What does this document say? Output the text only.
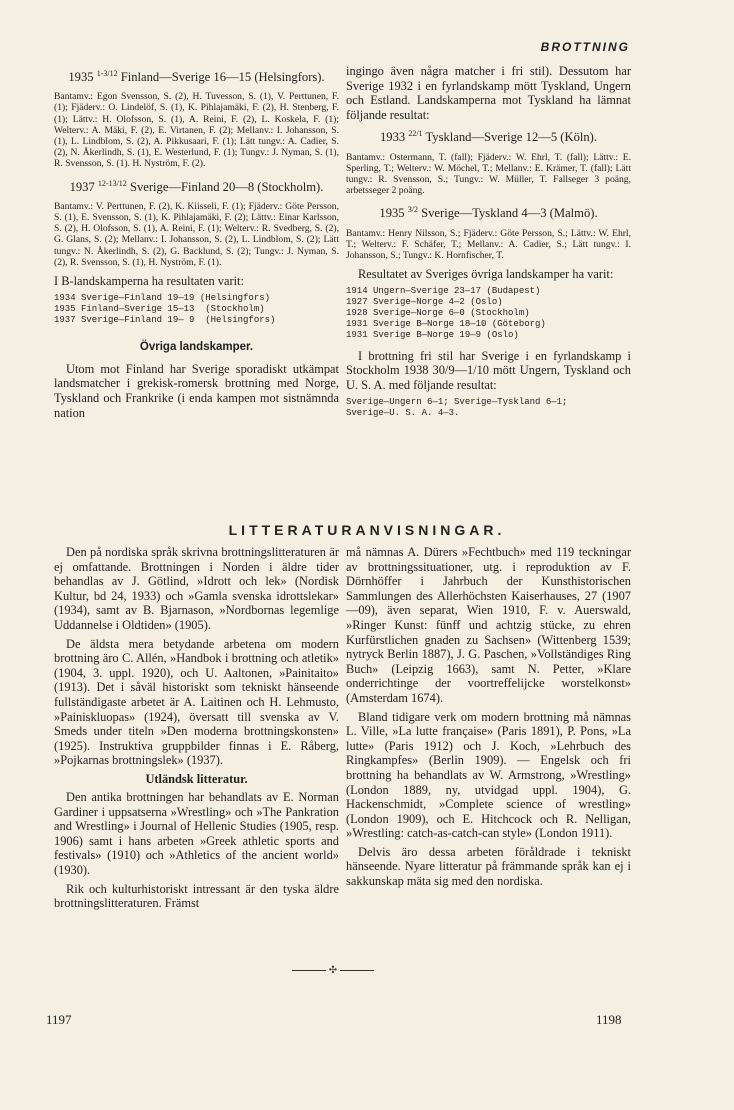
BROTTNING
1935 $^{1-3/12}$ Finland—Sverige 16—15 (Helsingfors).

Bantamv.: Egon Svensson, S. (2), H. Tuvesson, S. (1), V. Perttunen, F. (1); Fjäderv.: O. Lindelöf, S. (1), K. Pihlajamäki, F. (2), H. Stenberg, F. (1); Lättv.: H. Olofsson, S. (1), A. Reini, F. (2), L. Koskela, F. (1); Welterv.: A. Mäki, F. (2), E. Virtanen, F. (2); Mellanv.: I. Johansson, S. (1), L. Lindblom, S. (2), A. Pikkusaari, F. (1); Lätt tungv.: A. Cadier, S. (2), N. Åkerlindh, S. (1), E. Westerlund, F. (1); Tungv.: J. Nyman, S. (1), R. Svensson, S. (1). H. Nyström, F. (2).

1937 $^{12-13/12}$ Sverige—Finland 20—8 (Stockholm).

Bantamv.: V. Perttunen, F. (2), K. Kiisseli, F. (1); Fjäderv.: Göte Persson, S. (1), E. Svensson, S. (1), K. Pihlajamäki, F. (2); Lättv.: Einar Karlsson, S. (2), H. Olofsson, S. (1), A. Reini, F. (1); Welterv.: R. Svedberg, S. (2), G. Glans, S. (2); Mellanv.: I. Johansson, S. (2), L. Lindblom, S. (2); Lätt tungv.: N. Åkerlindh, S. (2), G. Backlund, S. (2); Tungv.: J. Nyman, S. (2), R. Svensson, S. (1), H. Nyström, F. (1).

I B-landskamperna ha resultaten varit:

1934 Sverige—Finland 19—19 (Helsingfors)
1935 Finland—Sverige 15—13  (Stockholm)
1937 Sverige—Finland 19— 9  (Helsingfors)
Övriga landskamper.

Utom mot Finland har Sverige sporadiskt utkämpat landsmatcher i grekisk-romersk brottning med Norge, Tyskland och Frankrike (i enda kampen mot sistnämnda nation

ingingo även några matcher i fri stil). Dessutom har Sverige 1932 i en fyrlandskamp mött Tyskland, Ungern och Estland. Landskamperna mot Tyskland ha lämnat följande resultat:

1933 $^{22/1}$ Tyskland—Sverige 12—5 (Köln).

Bantamv.: Ostermann, T. (fall); Fjäderv.: W. Ehrl, T. (fall); Lättv.: E. Sperling, T.; Welterv.: W. Möchel, T.; Mellanv.: E. Krämer, T. (fall); Lätt tungv.: R. Svensson, S.; Tungv.: W. Müller, T. Fallseger 3 poäng, arbetsseger 2 poäng.

1935 $^{3/2}$ Sverige—Tyskland 4—3 (Malmö).

Bantamv.: Henry Nilsson, S.; Fjäderv.: Göte Persson, S.; Lättv.: W. Ehrl, T.; Welterv.: F. Schäfer, T.; Mellanv.: A. Cadier, S.; Lätt tungv.: I. Johansson, S.; Tungv.: K. Hornfischer, T.

Resultatet av Sveriges övriga landskamper ha varit:

1914 Ungern—Sverige 23—17 (Budapest)
1927 Sverige—Norge 4—2 (Oslo)
1928 Sverige—Norge 6—0 (Stockholm)
1931 Sverige B—Norge 18—10 (Göteborg)
1931 Sverige B—Norge 19—9 (Oslo)

I brottning fri stil har Sverige i en fyrlandskamp i Stockholm 1938 30/9—1/10 mött Ungern, Tyskland och U. S. A. med följande resultat:

Sverige—Ungern 6—1; Sverige—Tyskland 6—1;
Sverige—U. S. A. 4—3.
LITTERATURANVISNINGAR.

Den på nordiska språk skrivna brottningslitteraturen är ej omfattande. Brottningen i Norden i äldre tider behandlas av J. Götlind, »Idrott och lek» (Nordisk Kultur, bd 24, 1933) och »Gamla svenska idrottslekar» (1934), samt av B. Bjarnason, »Nordbornas legemlige Uddannelse i Oldtiden» (1905).

De äldsta mera betydande arbetena om modern brottning äro C. Allén, »Handbok i brottning och atletik» (1904, 3. uppl. 1920), och U. Aaltonen, »Painitaito» (1913). Det i såväl historiskt som tekniskt hänseende fullständigaste arbetet är A. Laitinen och H. Lehmusto, »Painiskluopas» (1924), översatt till svenska av V. Smeds under titeln »Den moderna brottningskonsten» (1925). Instruktiva gruppbilder finnas i E. Råberg, »Pojkarnas brottningslek» (1937).

Utländsk litteratur.

Den antika brottningen har behandlats av E. Norman Gardiner i uppsatserna »Wrestling» och »The Pankration and Wrestling» i Journal of Hellenic Studies (1905, resp. 1906) samt i hans arbeten »Greek athletic sports and festivals» (1910) och »Athletics of the ancient world» (1930).

Rik och kulturhistoriskt intressant är den tyska äldre brottningslitteraturen. Främst

må nämnas A. Dürers »Fechtbuch» med 119 teckningar av brottningssituationer, utg. i reproduktion av F. Dörnhöffer i Jahrbuch der Kunsthistorischen Sammlungen des Allerhöchsten Kaiserhauses, 27 (1907—09), även separat, Wien 1910, F. v. Auerswald, »Ringer Kunst: fünff und achtzig stücke, zu ehren Kurfürstlichen gnaden zu Sachsen» (Wittenberg 1539; nytryck Berlin 1887), J. G. Paschen, »Vollständiges Ring Buch» (Leipzig 1663), samt N. Petter, »Klare onderrichtinge der voortreffelijcke worstelkonst» (Amsterdam 1674).

Bland tidigare verk om modern brottning må nämnas L. Ville, »La lutte française» (Paris 1891), P. Pons, »La lutte» (Paris 1912) och J. Koch, »Lehrbuch des Ringkampfes» (Berlin 1909). — Engelsk och fri brottning ha behandlats av W. Armstrong, »Wrestling» (London 1889, ny, utvidgad uppl. 1904), G. Hackenschmidt, »Complete science of wrestling» (London 1909), och E. Hitchcock och R. Nelligan, »Wrestling: catch-as-catch-can style» (London 1911).

Delvis äro dessa arbeten föråldrade i tekniskt hänseende. Nyare litteratur på främmande språk kan ej i sakkunskap mäta sig med den nordiska.

✣
1197	1198
